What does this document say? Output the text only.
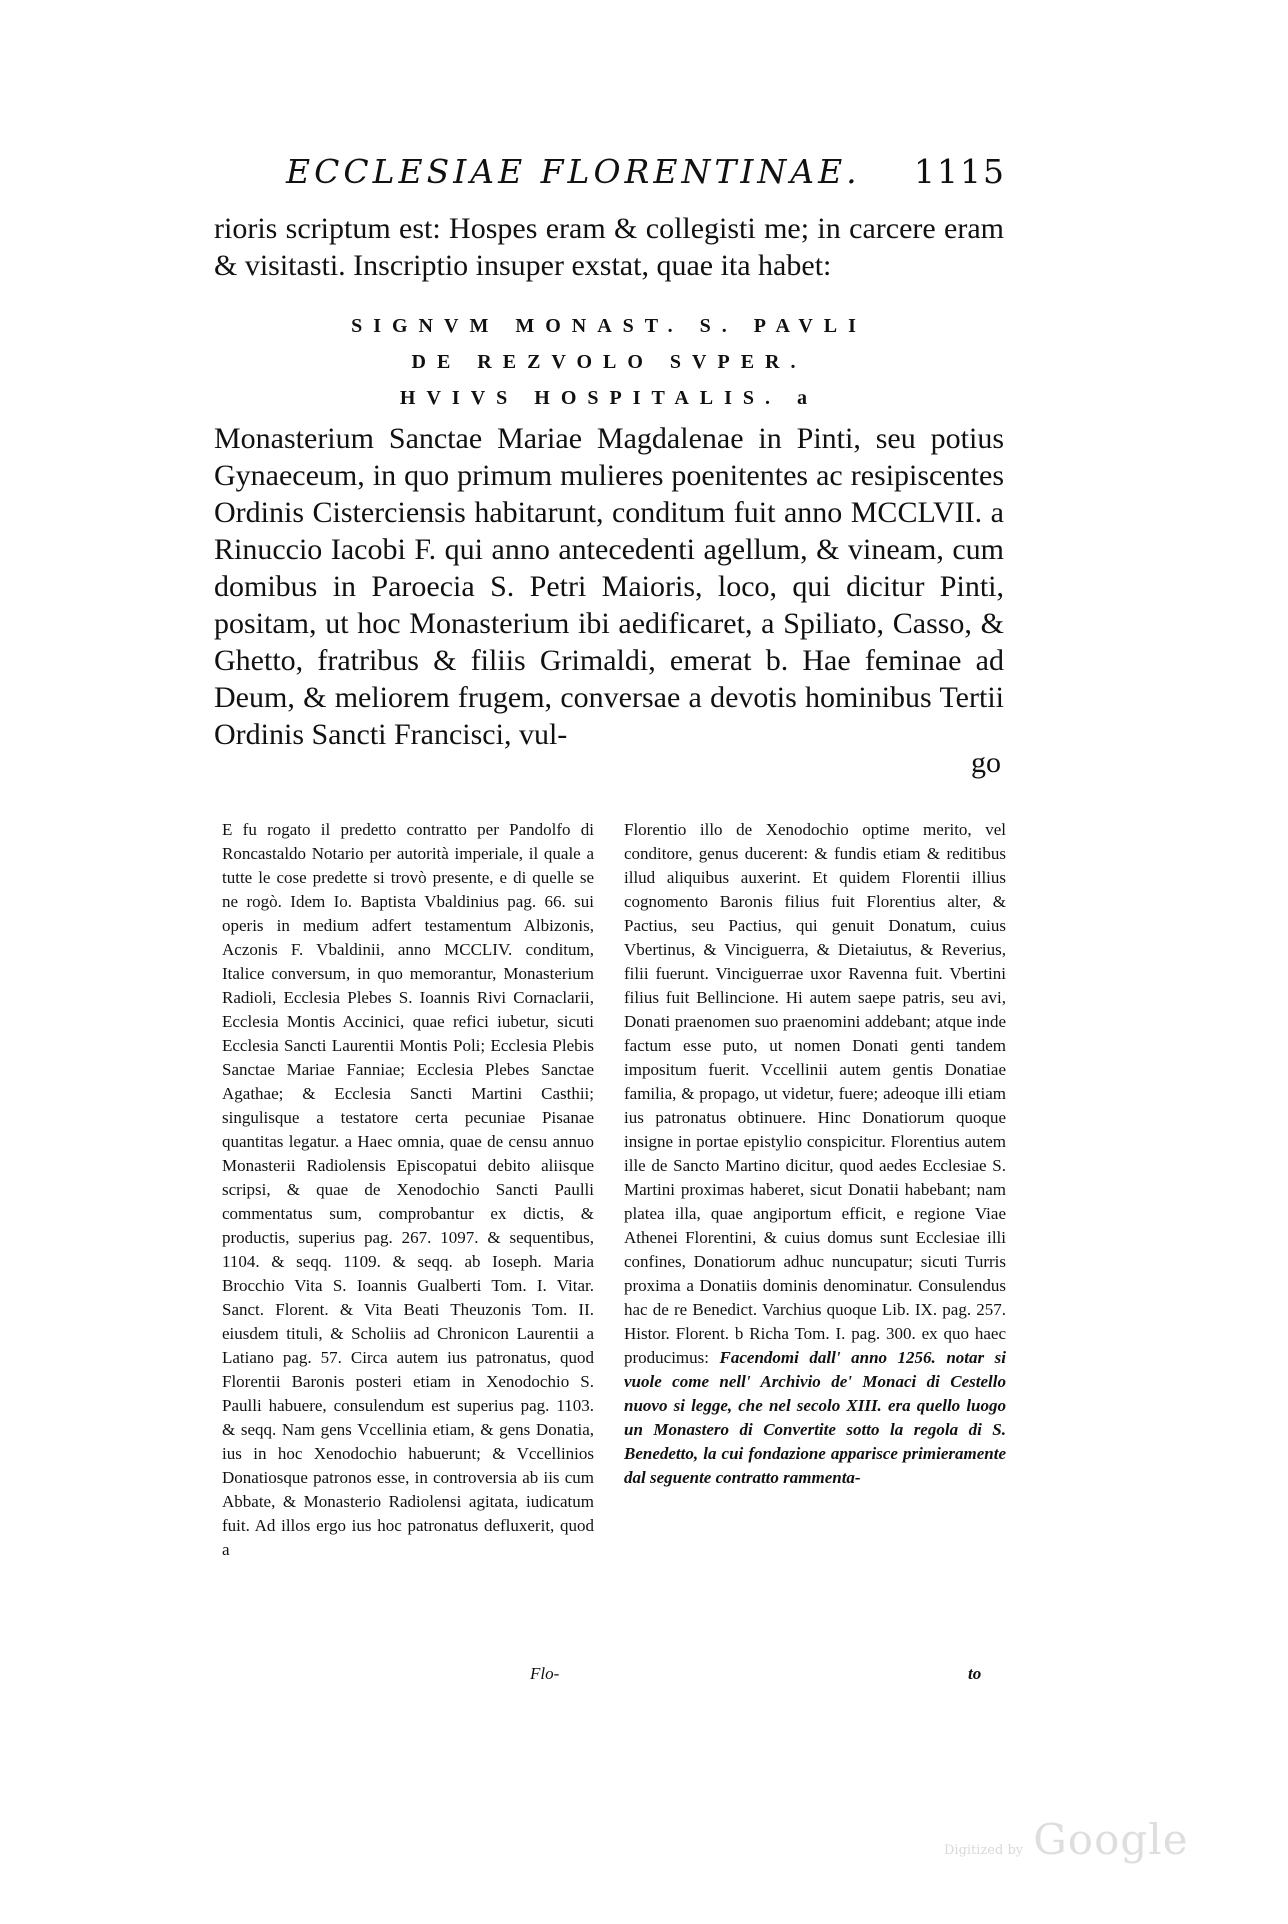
ECCLESIAE FLORENTINAE. 1115

rioris scriptum est: Hospes eram & collegisti me; in carcere eram & visitasti. Inscriptio insuper exstat, quae ita habet:

SIGNVM MONAST. S. PAVLI
DE REZVOLO SVPER.
HVIVS HOSPITALIS. a

Monasterium Sanctae Mariae Magdalenae in Pinti, seu potius Gynaeceum, in quo primum mulieres poenitentes ac resipiscentes Ordinis Cisterciensis habitarunt, conditum fuit anno MCCLVII. a Rinuccio Iacobi F. qui anno antecedenti agellum, & vineam, cum domibus in Paroecia S. Petri Maioris, loco, qui dicitur Pinti, positam, ut hoc Monasterium ibi aedificaret, a Spiliato, Casso, & Ghetto, fratribus & filiis Grimaldi, emerat b. Hae feminae ad Deum, & meliorem frugem, conversae a devotis hominibus Tertii Ordinis Sancti Francisci, vul-

go

E fu rogato il predetto contratto per Pandolfo di Roncastaldo Notario per autorità imperiale, il quale a tutte le cose predette si trovò presente, e di quelle se ne rogò. Idem Io. Baptista Vbaldinius pag. 66. sui operis in medium adfert testamentum Albizonis, Aczonis F. Vbaldinii, anno MCCLIV. conditum, Italice conversum, in quo memorantur, Monasterium Radioli, Ecclesia Plebes S. Ioannis Rivi Cornaclarii, Ecclesia Montis Accinici, quae refici iubetur, sicuti Ecclesia Sancti Laurentii Montis Poli; Ecclesia Plebis Sanctae Mariae Fanniae; Ecclesia Plebes Sanctae Agathae; & Ecclesia Sancti Martini Casthii; singulisque a testatore certa pecuniae Pisanae quantitas legatur. a Haec omnia, quae de censu annuo Monasterii Radiolensis Episcopatui debito aliisque scripsi, & quae de Xenodochio Sancti Paulli commentatus sum, comprobantur ex dictis, & productis, superius pag. 267. 1097. & sequentibus, 1104. & seqq. 1109. & seqq. ab Ioseph. Maria Brocchio Vita S. Ioannis Gualberti Tom. I. Vitar. Sanct. Florent. & Vita Beati Theuzonis Tom. II. eiusdem tituli, & Scholiis ad Chronicon Laurentii a Latiano pag. 57. Circa autem ius patronatus, quod Florentii Baronis posteri etiam in Xenodochio S. Paulli habuere, consulendum est superius pag. 1103. & seqq. Nam gens Vccellinia etiam, & gens Donatia, ius in hoc Xenodochio habuerunt; & Vccellinios Donatiosque patronos esse, in controversia ab iis cum Abbate, & Monasterio Radiolensi agitata, iudicatum fuit. Ad illos ergo ius hoc patronatus defluxerit, quod a

Florentio illo de Xenodochio optime merito, vel conditore, genus ducerent: & fundis etiam & reditibus illud aliquibus auxerint. Et quidem Florentii illius cognomento Baronis filius fuit Florentius alter, & Pactius, seu Pactius, qui genuit Donatum, cuius Vbertinus, & Vinciguerra, & Dietaiutus, & Reverius, filii fuerunt. Vinciguerrae uxor Ravenna fuit. Vbertini filius fuit Bellincione. Hi autem saepe patris, seu avi, Donati praenomen suo praenomini addebant; atque inde factum esse puto, ut nomen Donati genti tandem impositum fuerit. Vccellinii autem gentis Donatiae familia, & propago, ut videtur, fuere; adeoque illi etiam ius patronatus obtinuere. Hinc Donatiorum quoque insigne in portae epistylio conspicitur. Florentius autem ille de Sancto Martino dicitur, quod aedes Ecclesiae S. Martini proximas haberet, sicut Donatii habebant; nam platea illa, quae angiportum efficit, e regione Viae Athenei Florentini, & cuius domus sunt Ecclesiae illi confines, Donatiorum adhuc nuncupatur; sicuti Turris proxima a Donatiis dominis denominatur. Consulendus hac de re Benedict. Varchius quoque Lib. IX. pag. 257. Histor. Florent. b Richa Tom. I. pag. 300. ex quo haec producimus: Facendomi dall' anno 1256. notar si vuole come nell' Archivio de' Monaci di Cestello nuovo si legge, che nel secolo XIII. era quello luogo un Monastero di Convertite sotto la regola di S. Benedetto, la cui fondazione apparisce primieramente dal seguente contratto rammenta-
Flo-	to
Digitized by Google
